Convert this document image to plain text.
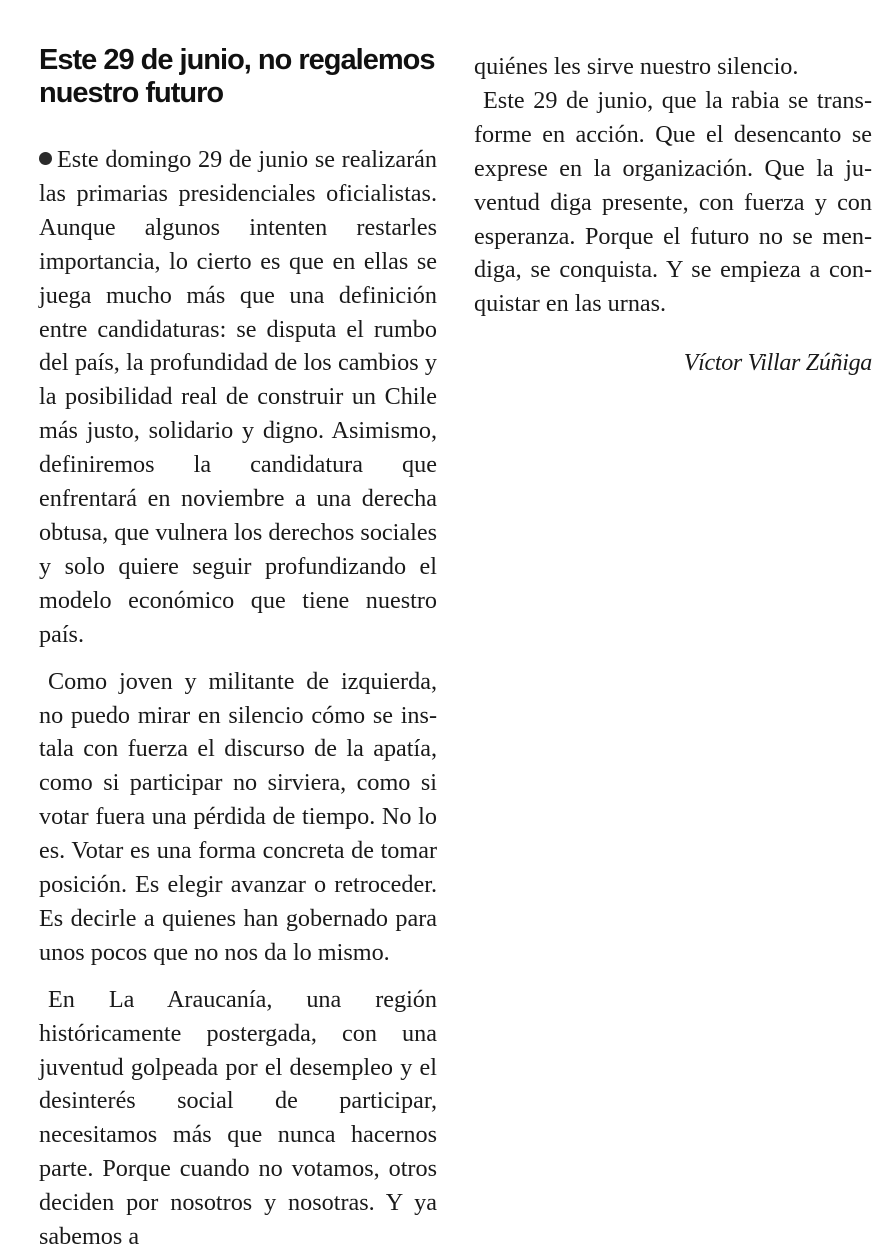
Este 29 de junio, no regalemos nuestro futuro

Este domingo 29 de junio se realizarán las primarias presidenciales oficialistas. Aunque algunos intenten restarles importancia, lo cierto es que en ellas se juega mucho más que una definición entre candidaturas: se disputa el rumbo del país, la profundidad de los cambios y la posibilidad real de construir un Chile más justo, solidario y digno. Asimismo, definiremos la candidatura que enfrentará en noviembre a una derecha obtusa, que vulnera los derechos sociales y solo quiere seguir profundizando el modelo económico que tiene nuestro país.

Como joven y militante de izquierda, no puedo mirar en silencio cómo se instala con fuerza el discurso de la apatía, como si participar no sirviera, como si votar fuera una pérdida de tiempo. No lo es. Votar es una forma concreta de tomar posición. Es elegir avanzar o retroceder. Es decirle a quienes han gobernado para unos pocos que no nos da lo mismo.

En La Araucanía, una región históricamente postergada, con una juventud golpeada por el desempleo y el desinterés social de participar, necesitamos más que nunca hacernos parte. Porque cuando no votamos, otros deciden por nosotros y nosotras. Y ya sabemos a

quiénes les sirve nuestro silencio.

Este 29 de junio, que la rabia se transforme en acción. Que el desencanto se exprese en la organización. Que la juventud diga presente, con fuerza y con esperanza. Porque el futuro no se mendiga, se conquista. Y se empieza a conquistar en las urnas.

Víctor Villar Zúñiga
